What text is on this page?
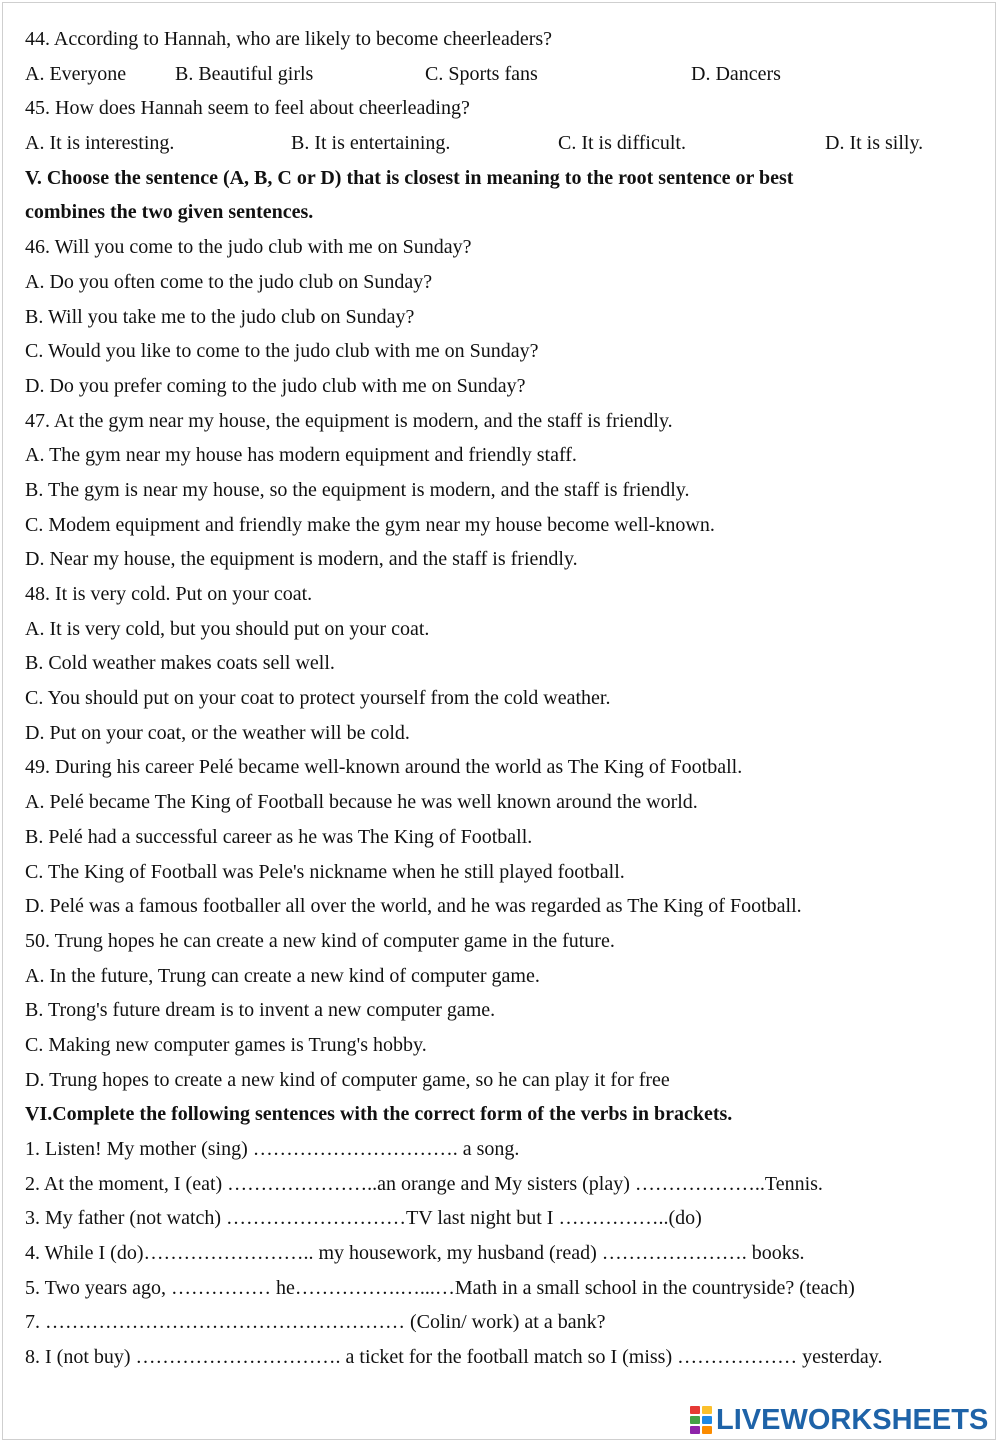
44. According to Hannah, who are likely to become cheerleaders?
A. Everyone B. Beautiful girls	C. Sports fans	D. Dancers
45. How does Hannah seem to feel about cheerleading?
A. It is interesting.	B. It is entertaining.	C. It is difficult.	D. It is silly.
V. Choose the sentence (A, B, C or D) that is closest in meaning to the root sentence or best
combines the two given sentences.
46. Will you come to the judo club with me on Sunday?
A. Do you often come to the judo club on Sunday?
B. Will you take me to the judo club on Sunday?
C. Would you like to come to the judo club with me on Sunday?
D. Do you prefer coming to the judo club with me on Sunday?
47. At the gym near my house, the equipment is modern, and the staff is friendly.
A. The gym near my house has modern equipment and friendly staff.
B. The gym is near my house, so the equipment is modern, and the staff is friendly.
C. Modem equipment and friendly make the gym near my house become well-known.
D. Near my house, the equipment is modern, and the staff is friendly.
48. It is very cold. Put on your coat.
A. It is very cold, but you should put on your coat.
B. Cold weather makes coats sell well.
C. You should put on your coat to protect yourself from the cold weather.
D. Put on your coat, or the weather will be cold.
49. During his career Pelé became well-known around the world as The King of Football.
A. Pelé became The King of Football because he was well known around the world.
B. Pelé had a successful career as he was The King of Football.
C. The King of Football was Pele's nickname when he still played football.
D. Pelé was a famous footballer all over the world, and he was regarded as The King of Football.
50. Trung hopes he can create a new kind of computer game in the future.
A. In the future, Trung can create a new kind of computer game.
B. Trong's future dream is to invent a new computer game.
C. Making new computer games is Trung's hobby.
D. Trung hopes to create a new kind of computer game, so he can play it for free
VI.Complete the following sentences with the correct form of the verbs in brackets.
1. Listen! My mother (sing) …………………………. a song.
2. At the moment, I (eat) …………………..an orange and My sisters (play) ………………..Tennis.
3. My father (not watch) ………………………TV last night but I ……………..(do)
4. While I (do)…………………….. my housework, my husband (read) …………………. books.
5. Two years ago, …………… he…………….…...…Math in a small school in the countryside? (teach)
7. ……………………………………………… (Colin/ work) at a bank?
8. I (not buy) …………………………. a ticket for the football match so I (miss) ……………… yesterday.
LIVEWORKSHEETS
